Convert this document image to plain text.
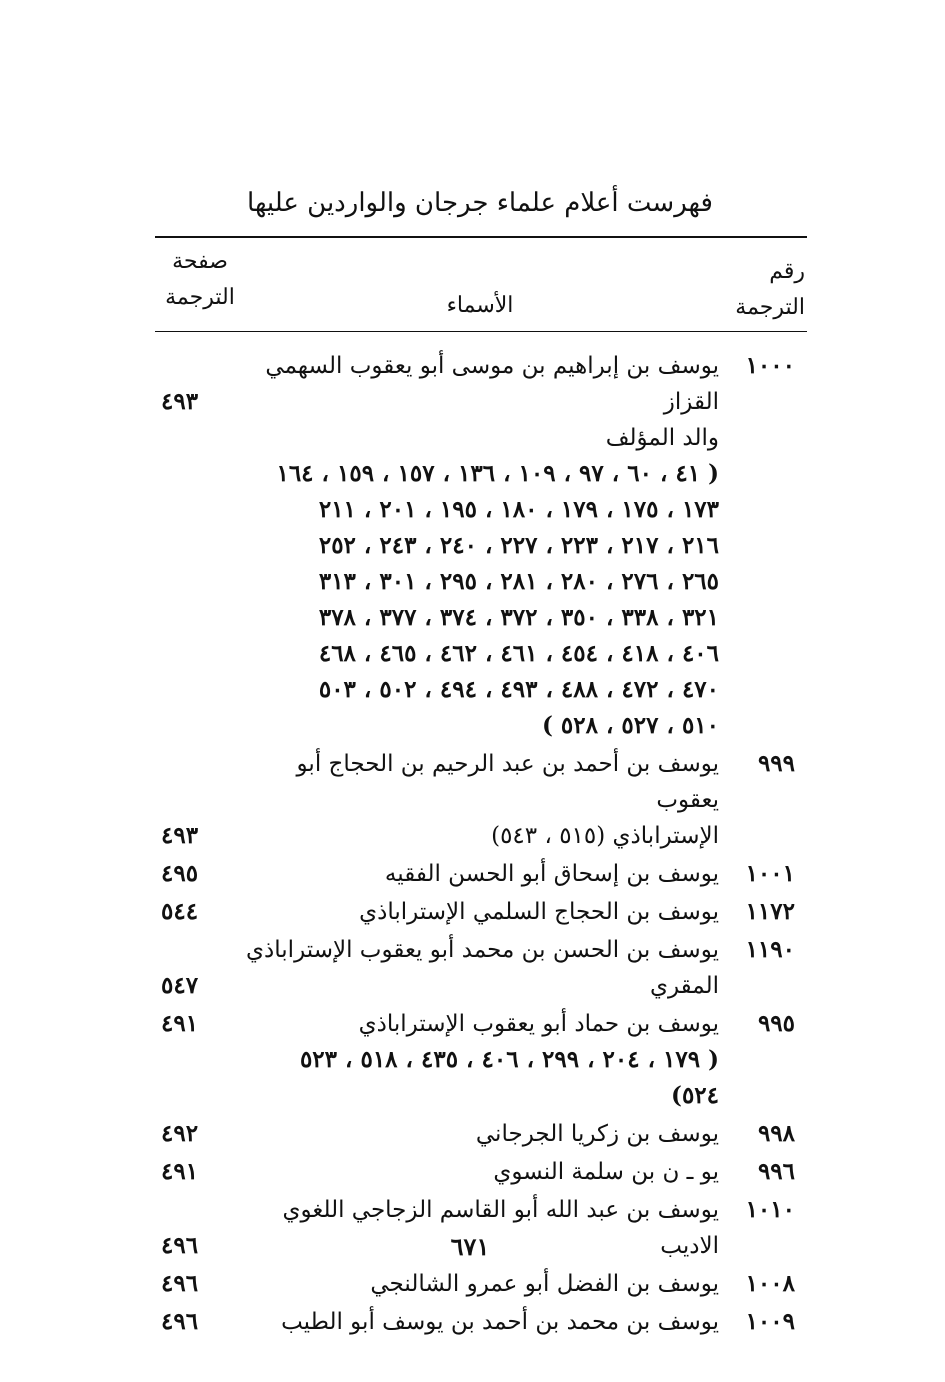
فهرست أعلام علماء جرجان والواردين عليها
رقم
الترجمة
الأسماء
صفحة
الترجمة
١٠٠٠
يوسف بن إبراهيم بن موسى أبو يعقوب السهمي القزاز
والد المؤلف
( ٤١ ، ٦٠ ، ٩٧ ، ١٠٩ ، ١٣٦ ، ١٥٧ ، ١٥٩ ، ١٦٤
١٧٣ ، ١٧٥ ، ١٧٩ ، ١٨٠ ، ١٩٥ ، ٢٠١ ، ٢١١
٢١٦ ، ٢١٧ ، ٢٢٣ ، ٢٢٧ ، ٢٤٠ ، ٢٤٣ ، ٢٥٢
٢٦٥ ، ٢٧٦ ، ٢٨٠ ، ٢٨١ ، ٢٩٥ ، ٣٠١ ، ٣١٣
٣٢١ ، ٣٣٨ ، ٣٥٠ ، ٣٧٢ ، ٣٧٤ ، ٣٧٧ ، ٣٧٨
٤٠٦ ، ٤١٨ ، ٤٥٤ ، ٤٦١ ، ٤٦٢ ، ٤٦٥ ، ٤٦٨
٤٧٠ ، ٤٧٢ ، ٤٨٨ ، ٤٩٣ ، ٤٩٤ ، ٥٠٢ ، ٥٠٣
٥١٠ ، ٥٢٧ ، ٥٢٨ )
٤٩٣
٩٩٩
يوسف بن أحمد بن عبد الرحيم بن الحجاج أبو يعقوب
الإستراباذي (٥١٥ ، ٥٤٣)
٤٩٣
١٠٠١
يوسف بن إسحاق أبو الحسن الفقيه
٤٩٥
١١٧٢
يوسف بن الحجاج السلمي الإستراباذي
٥٤٤
١١٩٠
يوسف بن الحسن بن محمد أبو يعقوب الإستراباذي المقري
٥٤٧
٩٩٥
يوسف بن حماد أبو يعقوب الإستراباذي
( ١٧٩ ، ٢٠٤ ، ٢٩٩ ، ٤٠٦ ، ٤٣٥ ، ٥١٨ ، ٥٢٣
٥٢٤)
٤٩١
٩٩٨
يوسف بن زكريا الجرجاني
٤٩٢
٩٩٦
يو ـ ن بن سلمة النسوي
٤٩١
١٠١٠
يوسف بن عبد الله أبو القاسم الزجاجي اللغوي الاديب
٤٩٦
١٠٠٨
يوسف بن الفضل أبو عمرو الشالنجي
٤٩٦
١٠٠٩
يوسف بن محمد بن أحمد بن يوسف أبو الطيب
٤٩٦
٦٧١
